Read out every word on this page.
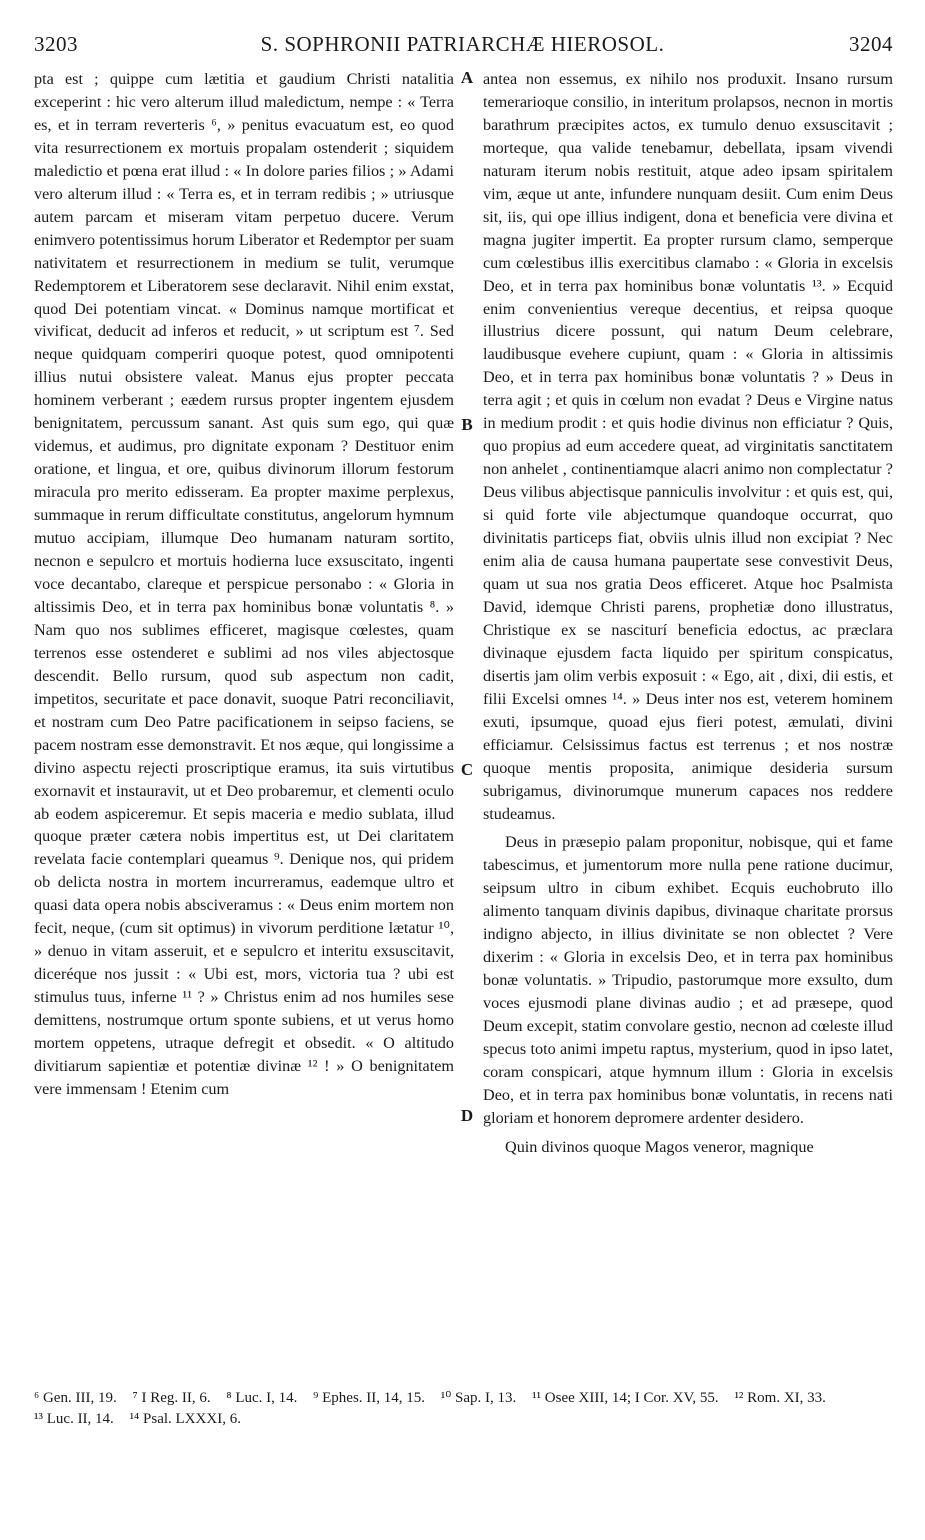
3203	S. SOPHRONII PATRIARCHÆ HIEROSOL.	3204

pta est ; quippe cum lætitia et gaudium Christi natalitia exceperint : hic vero alterum illud maledictum, nempe : « Terra es, et in terram reverteris ⁶, » penitus evacuatum est, eo quod vita resurrectionem ex mortuis propalam ostenderit ; siquidem maledictio et pœna erat illud : « In dolore paries filios ; » Adami vero alterum illud : « Terra es, et in terram redibis ; » utriusque autem parcam et miseram vitam perpetuo ducere. Verum enimvero potentissimus horum Liberator et Redemptor per suam nativitatem et resurrectionem in medium se tulit, verumque Redemptorem et Liberatorem sese declaravit. Nihil enim exstat, quod Dei potentiam vincat. « Dominus namque mortificat et vivificat, deducit ad inferos et reducit, » ut scriptum est ⁷. Sed neque quidquam comperiri quoque potest, quod omnipotenti illius nutui obsistere valeat. Manus ejus propter peccata hominem verberant ; eædem rursus propter ingentem ejusdem benignitatem, percussum sanant. Ast quis sum ego, qui quæ videmus, et audimus, pro dignitate exponam ? Destituor enim oratione, et lingua, et ore, quibus divinorum illorum festorum miracula pro merito edisseram. Ea propter maxime perplexus, summaque in rerum difficultate constitutus, angelorum hymnum mutuo accipiam, illumque Deo humanam naturam sortito, necnon e sepulcro et mortuis hodierna luce exsuscitato, ingenti voce decantabo, clareque et perspicue personabo : « Gloria in altissimis Deo, et in terra pax hominibus bonæ voluntatis ⁸. » Nam quo nos sublimes efficeret, magisque cœlestes, quam terrenos esse ostenderet e sublimi ad nos viles abjectosque descendit. Bello rursum, quod sub aspectum non cadit, impetitos, securitate et pace donavit, suoque Patri reconciliavit, et nostram cum Deo Patre pacificationem in seipso faciens, se pacem nostram esse demonstravit. Et nos æque, qui longissime a divino aspectu rejecti proscriptique eramus, ita suis virtutibus exornavit et instauravit, ut et Deo probaremur, et clementi oculo ab eodem aspiceremur. Et sepis maceria e medio sublata, illud quoque præter cætera nobis impertitus est, ut Dei claritatem revelata facie contemplari queamus ⁹. Denique nos, qui pridem ob delicta nostra in mortem incurreramus, eademque ultro et quasi data opera nobis absciveramus : « Deus enim mortem non fecit, neque, (cum sit optimus) in vivorum perditione lætatur ¹⁰, » denuo in vitam asseruit, et e sepulcro et interitu exsuscitavit, diceréque nos jussit : « Ubi est, mors, victoria tua ? ubi est stimulus tuus, inferne ¹¹ ? » Christus enim ad nos humiles sese demittens, nostrumque ortum sponte subiens, et ut verus homo mortem oppetens, utraque defregit et obsedit. « O altitudo divitiarum sapientiæ et potentiæ divinæ ¹² ! » O benignitatem vere immensam ! Etenim cum

A
B
C
D

antea non essemus, ex nihilo nos produxit. Insano rursum temerarioque consilio, in interitum prolapsos, necnon in mortis barathrum præcipites actos, ex tumulo denuo exsuscitavit ; morteque, qua valide tenebamur, debellata, ipsam vivendi naturam iterum nobis restituit, atque adeo ipsam spiritalem vim, æque ut ante, infundere nunquam desiit. Cum enim Deus sit, iis, qui ope illius indigent, dona et beneficia vere divina et magna jugiter impertit. Ea propter rursum clamo, semperque cum cœlestibus illis exercitibus clamabo : « Gloria in excelsis Deo, et in terra pax hominibus bonæ voluntatis ¹³. » Ecquid enim convenientius vereque decentius, et reipsa quoque illustrius dicere possunt, qui natum Deum celebrare, laudibusque evehere cupiunt, quam : « Gloria in altissimis Deo, et in terra pax hominibus bonæ voluntatis ? » Deus in terra agit ; et quis in cœlum non evadat ? Deus e Virgine natus in medium prodit : et quis hodie divinus non efficiatur ? Quis, quo propius ad eum accedere queat, ad virginitatis sanctitatem non anhelet , continentiamque alacri animo non complectatur ? Deus vilibus abjectisque panniculis involvitur : et quis est, qui, si quid forte vile abjectumque quandoque occurrat, quo divinitatis particeps fiat, obviis ulnis illud non excipiat ? Nec enim alia de causa humana paupertate sese convestivit Deus, quam ut sua nos gratia Deos efficeret. Atque hoc Psalmista David, idemque Christi parens, prophetiæ dono illustratus, Christique ex se nasciturí beneficia edoctus, ac præclara divinaque ejusdem facta liquido per spiritum conspicatus, disertis jam olim verbis exposuit : « Ego, ait , dixi, dii estis, et filii Excelsi omnes ¹⁴. » Deus inter nos est, veterem hominem exuti, ipsumque, quoad ejus fieri potest, æmulati, divini efficiamur. Celsissimus factus est terrenus ; et nos nostræ quoque mentis proposita, animique desideria sursum subrigamus, divinorumque munerum capaces nos reddere studeamus.

Deus in præsepio palam proponitur, nobisque, qui et fame tabescimus, et jumentorum more nulla pene ratione ducimur, seipsum ultro in cibum exhibet. Ecquis euchobruto illo alimento tanquam divinis dapibus, divinaque charitate prorsus indigno abjecto, in illius divinitate se non oblectet ? Vere dixerim : « Gloria in excelsis Deo, et in terra pax hominibus bonæ voluntatis. » Tripudio, pastorumque more exsulto, dum voces ejusmodi plane divinas audio ; et ad præsepe, quod Deum excepit, statim convolare gestio, necnon ad cœleste illud specus toto animi impetu raptus, mysterium, quod in ipso latet, coram conspicari, atque hymnum illum : Gloria in excelsis Deo, et in terra pax hominibus bonæ voluntatis, in recens nati gloriam et honorem depromere ardenter desidero.

Quin divinos quoque Magos veneror, magnique

⁶ Gen. III, 19. ⁷ I Reg. II, 6. ⁸ Luc. I, 14. ⁹ Ephes. II, 14, 15. ¹⁰ Sap. I, 13. ¹¹ Osee XIII, 14; I Cor. XV, 55. ¹² Rom. XI, 33. ¹³ Luc. II, 14. ¹⁴ Psal. LXXXI, 6.
